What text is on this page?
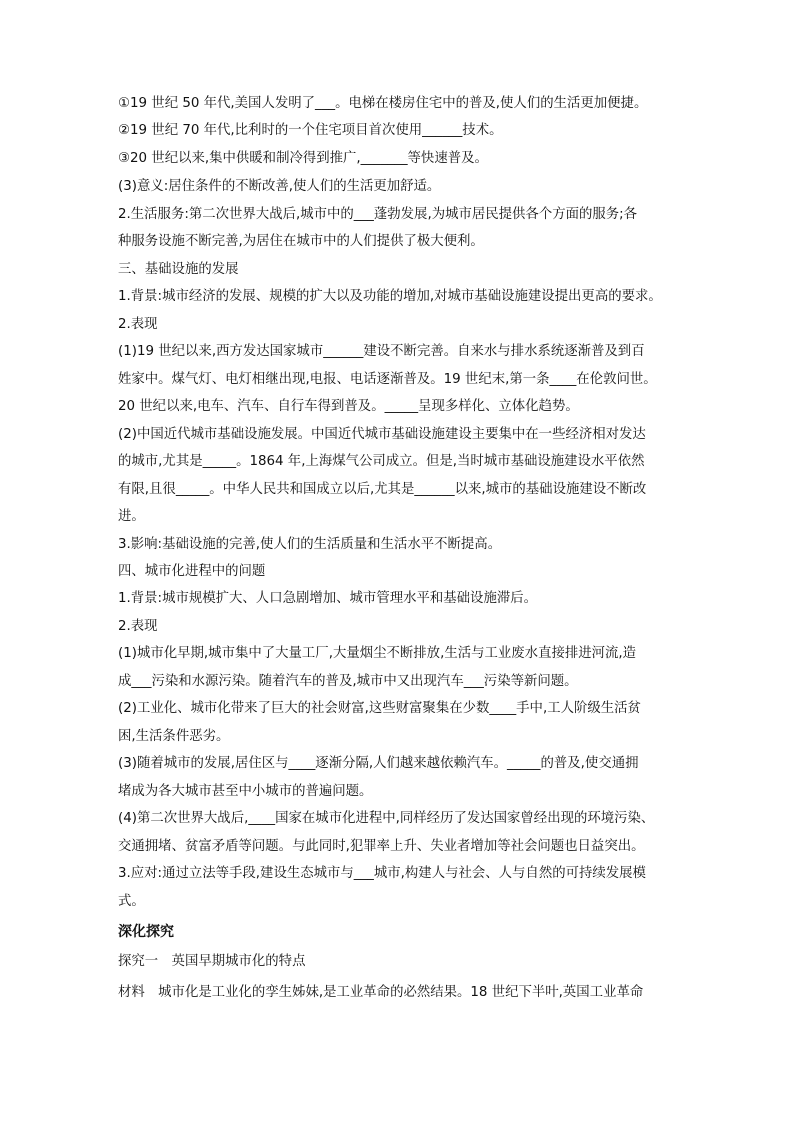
①19 世纪 50 年代,美国人发明了___。电梯在楼房住宅中的普及,使人们的生活更加便捷。
②19 世纪 70 年代,比利时的一个住宅项目首次使用______技术。
③20 世纪以来,集中供暖和制冷得到推广,_______等快速普及。
(3)意义:居住条件的不断改善,使人们的生活更加舒适。
2.生活服务:第二次世界大战后,城市中的___蓬勃发展,为城市居民提供各个方面的服务;各
种服务设施不断完善,为居住在城市中的人们提供了极大便利。
三、基础设施的发展
1.背景:城市经济的发展、规模的扩大以及功能的增加,对城市基础设施建设提出更高的要求。
2.表现
(1)19 世纪以来,西方发达国家城市______建设不断完善。自来水与排水系统逐渐普及到百
姓家中。煤气灯、电灯相继出现,电报、电话逐渐普及。19 世纪末,第一条____在伦敦问世。
20 世纪以来,电车、汽车、自行车得到普及。_____呈现多样化、立体化趋势。
(2)中国近代城市基础设施发展。中国近代城市基础设施建设主要集中在一些经济相对发达
的城市,尤其是_____。1864 年,上海煤气公司成立。但是,当时城市基础设施建设水平依然
有限,且很_____。中华人民共和国成立以后,尤其是______以来,城市的基础设施建设不断改
进。
3.影响:基础设施的完善,使人们的生活质量和生活水平不断提高。
四、城市化进程中的问题
1.背景:城市规模扩大、人口急剧增加、城市管理水平和基础设施滞后。
2.表现
(1)城市化早期,城市集中了大量工厂,大量烟尘不断排放,生活与工业废水直接排进河流,造
成___污染和水源污染。随着汽车的普及,城市中又出现汽车___污染等新问题。
(2)工业化、城市化带来了巨大的社会财富,这些财富聚集在少数____手中,工人阶级生活贫
困,生活条件恶劣。
(3)随着城市的发展,居住区与____逐渐分隔,人们越来越依赖汽车。_____的普及,使交通拥
堵成为各大城市甚至中小城市的普遍问题。
(4)第二次世界大战后,____国家在城市化进程中,同样经历了发达国家曾经出现的环境污染、
交通拥堵、贫富矛盾等问题。与此同时,犯罪率上升、失业者增加等社会问题也日益突出。
3.应对:通过立法等手段,建设生态城市与___城市,构建人与社会、人与自然的可持续发展模
式。
深化探究
探究一　英国早期城市化的特点
材料　城市化是工业化的孪生姊妹,是工业革命的必然结果。18 世纪下半叶,英国工业革命
